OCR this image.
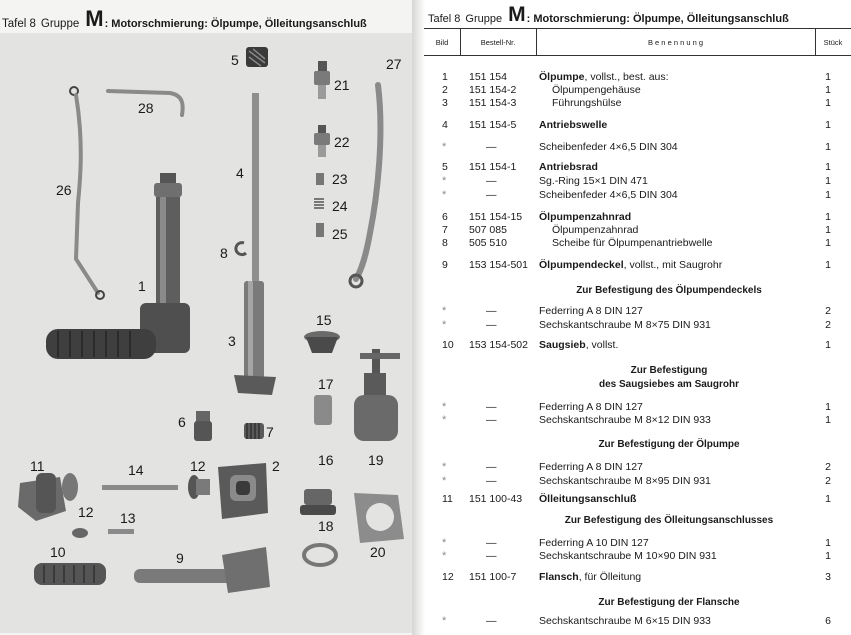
Tafel 8 Gruppe M : Motorschmierung: Ölpumpe, Ölleitungsanschluß
5
21
27
28
26
4
22
23
24
8
25
1
15
3
17
6
7
11	14	12	2	16 19
12 13	18
20
10	9
Tafel 8 Gruppe M : Motorschmierung: Ölpumpe, Ölleitungsanschluß
Bild	Bestell-Nr.	B e n e n n u n g	Stück
1	151 154	Ölpumpe, vollst., best. aus:	1
2	151 154-2	Ölpumpengehäuse	1
3	151 154-3	Führungshülse	1
4	151 154-5	Antriebswelle	1
*	—	Scheibenfeder 4×6,5 DIN 304	1
5	151 154-1	Antriebsrad	1
*	—	Sg.-Ring 15×1 DIN 471	1
*	—	Scheibenfeder 4×6,5 DIN 304	1
6	151 154-15	Ölpumpenzahnrad	1
7	507 085	Ölpumpenzahnrad	1
8	505 510	Scheibe für Ölpumpenantriebwelle	1
9	153 154-501	Ölpumpendeckel, vollst., mit Saugrohr	1
Zur Befestigung des Ölpumpendeckels
*	—	Federring A 8 DIN 127	2
*	—	Sechskantschraube M 8×75 DIN 931	2
10	153 154-502	Saugsieb, vollst.	1
Zur Befestigung
des Saugsiebes am Saugrohr
*	—	Federring A 8 DIN 127	1
*	—	Sechskantschraube M 8×12 DIN 933	1
Zur Befestigung der Ölpumpe
*	—	Federring A 8 DIN 127	2
*	—	Sechskantschraube M 8×95 DIN 931	2
11	151 100-43	Ölleitungsanschluß	1
Zur Befestigung des Ölleitungsanschlusses
*	—	Federring A 10 DIN 127	1
*	—	Sechskantschraube M 10×90 DIN 931	1
12	151 100-7	Flansch, für Ölleitung	3
Zur Befestigung der Flansche
*	—	Sechskantschraube M 6×15 DIN 933	6
